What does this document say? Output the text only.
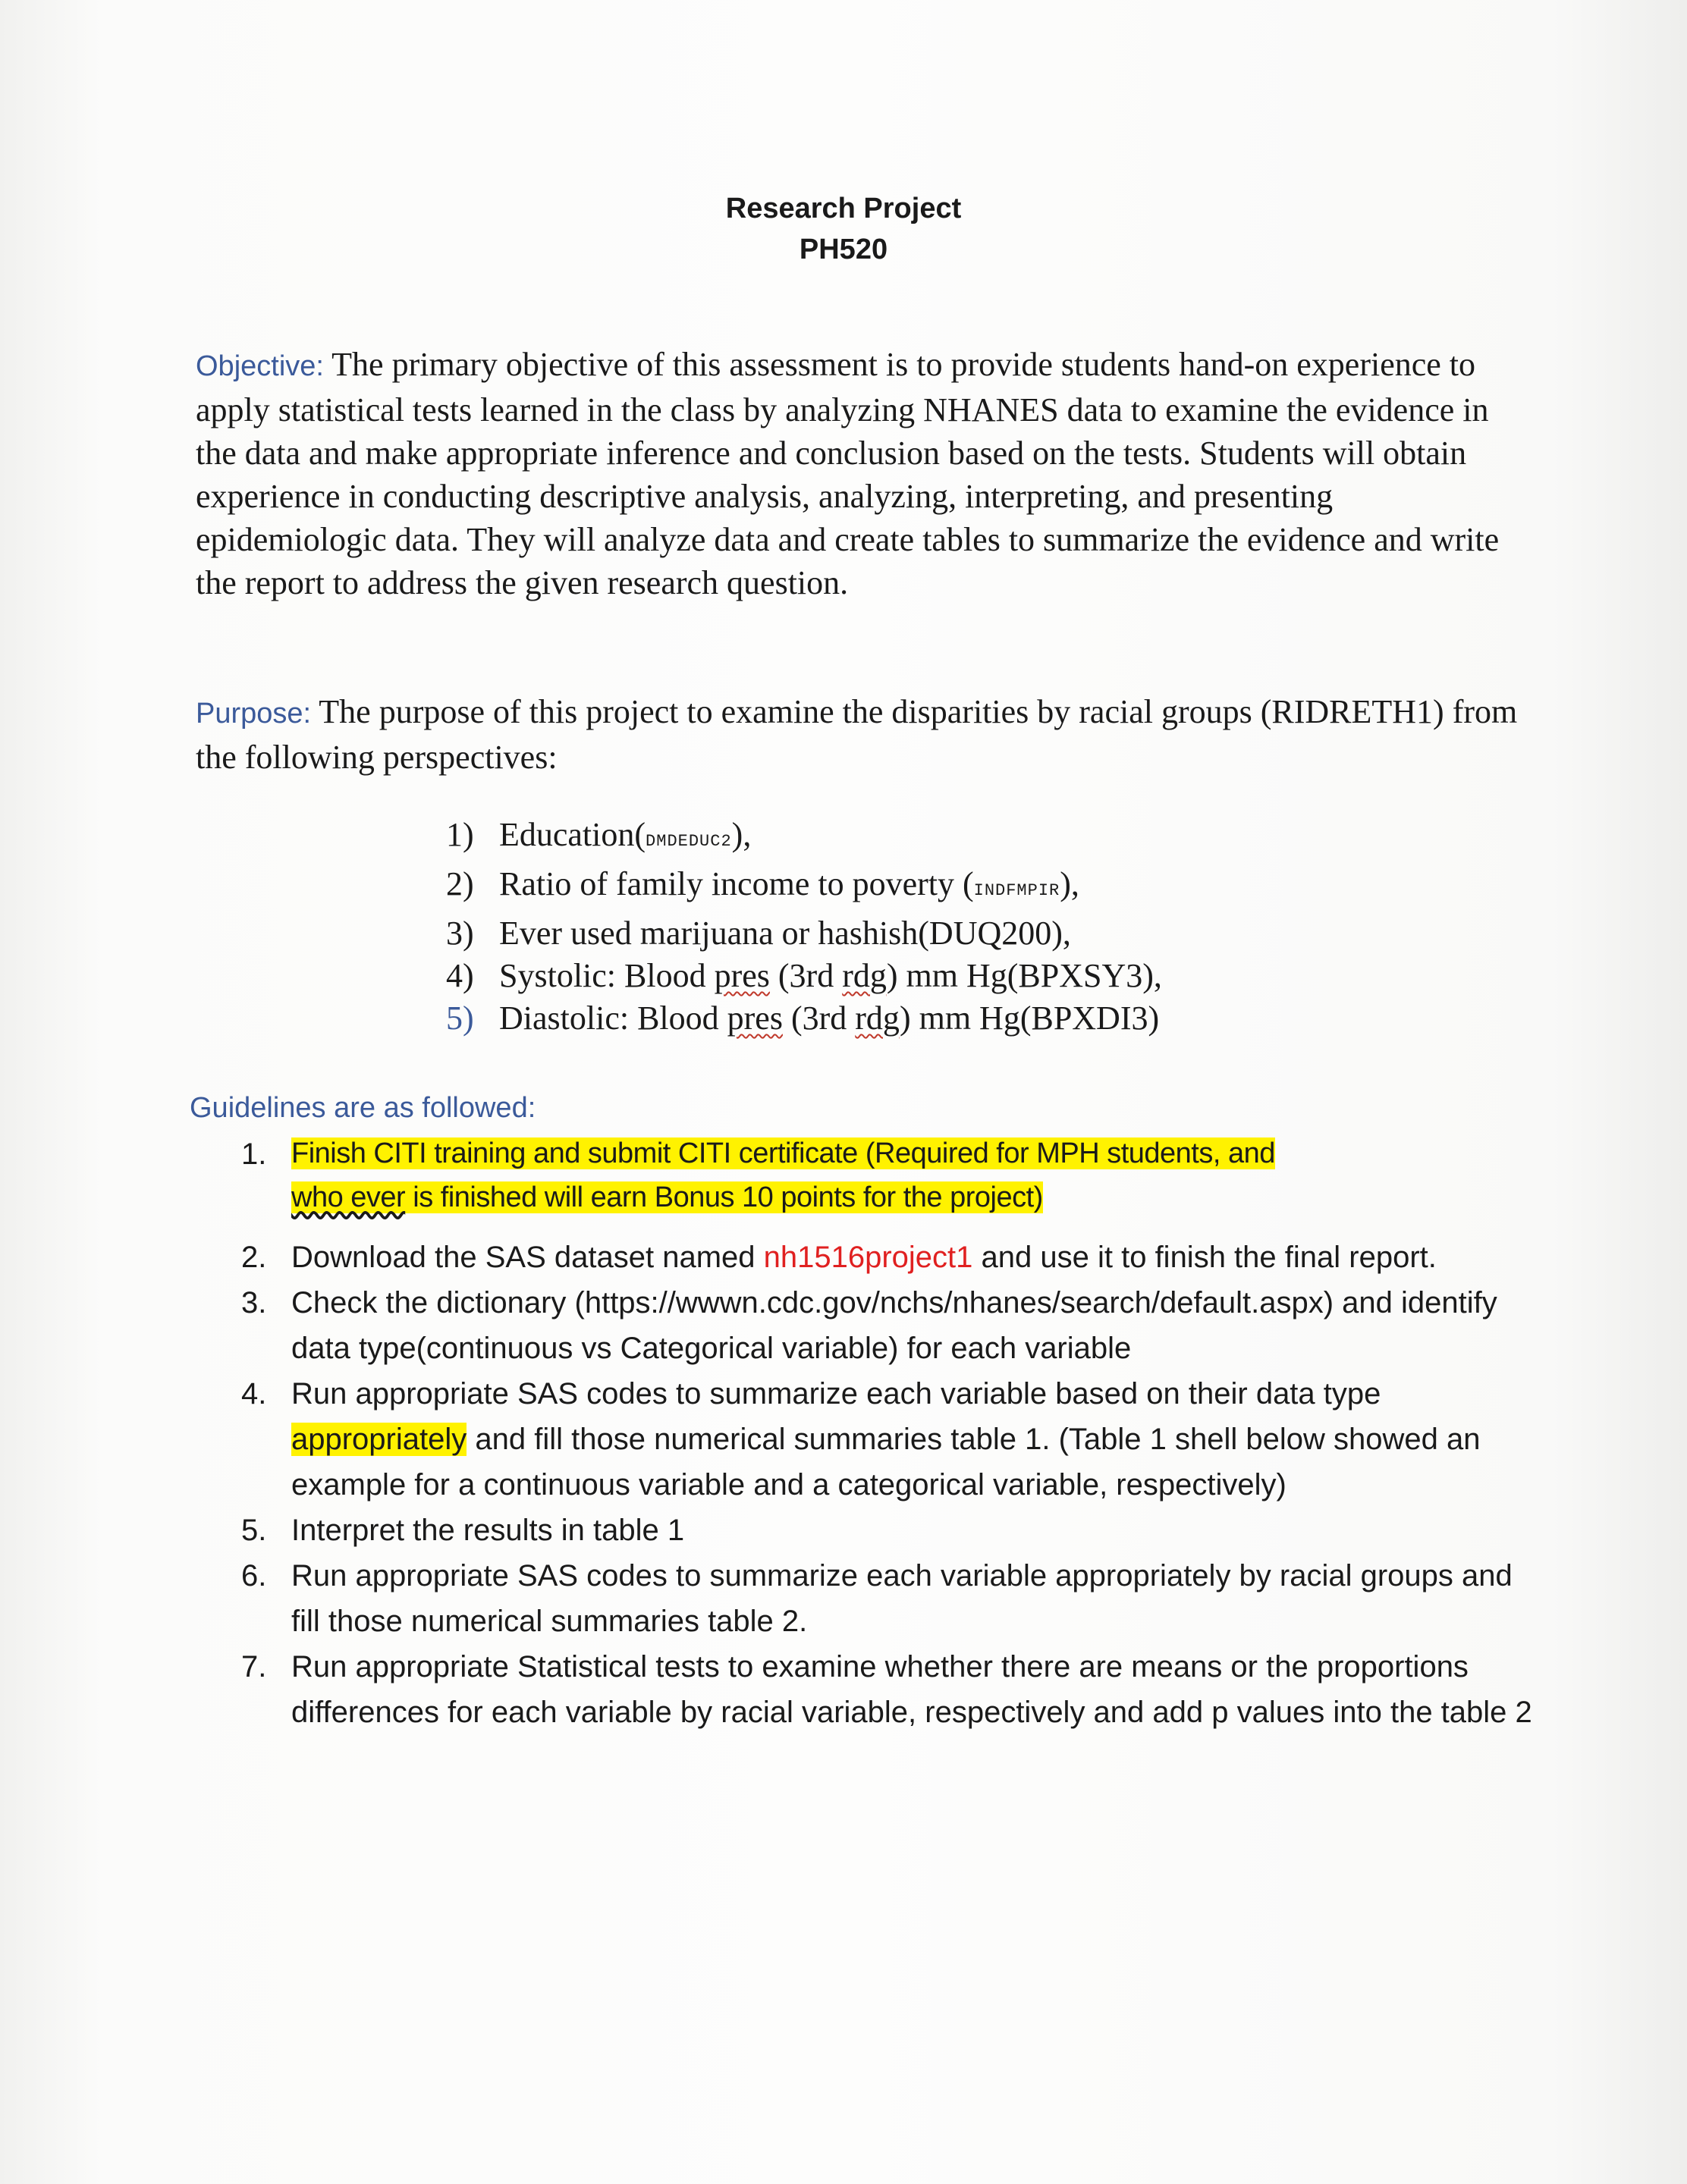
Research Project
PH520
Objective: The primary objective of this assessment is to provide students hand-on experience to apply statistical tests learned in the class by analyzing NHANES data to examine the evidence in the data and make appropriate inference and conclusion based on the tests. Students will obtain experience in conducting descriptive analysis, analyzing, interpreting, and presenting epidemiologic data. They will analyze data and create tables to summarize the evidence and write the report to address the given research question.
Purpose: The purpose of this project to examine the disparities by racial groups (RIDRETH1) from the following perspectives:
1) Education(DMDEDUC2),
2) Ratio of family income to poverty (INDFMPIR),
3) Ever used marijuana or hashish(DUQ200),
4) Systolic: Blood pres (3rd rdg) mm Hg(BPXSY3),
5) Diastolic: Blood pres (3rd rdg) mm Hg(BPXDI3)
Guidelines are as followed:
1. Finish CITI training and submit CITI certificate (Required for MPH students, and
who ever is finished will earn Bonus 10 points for the project)
2. Download the SAS dataset named nh1516project1 and use it to finish the final report.
3. Check the dictionary (https://wwwn.cdc.gov/nchs/nhanes/search/default.aspx) and identify data type(continuous vs Categorical variable) for each variable
4. Run appropriate SAS codes to summarize each variable based on their data type appropriately and fill those numerical summaries table 1. (Table 1 shell below showed an example for a continuous variable and a categorical variable, respectively)
5. Interpret the results in table 1
6. Run appropriate SAS codes to summarize each variable appropriately by racial groups and fill those numerical summaries table 2.
7. Run appropriate Statistical tests to examine whether there are means or the proportions differences for each variable by racial variable, respectively and add p values into the table 2
